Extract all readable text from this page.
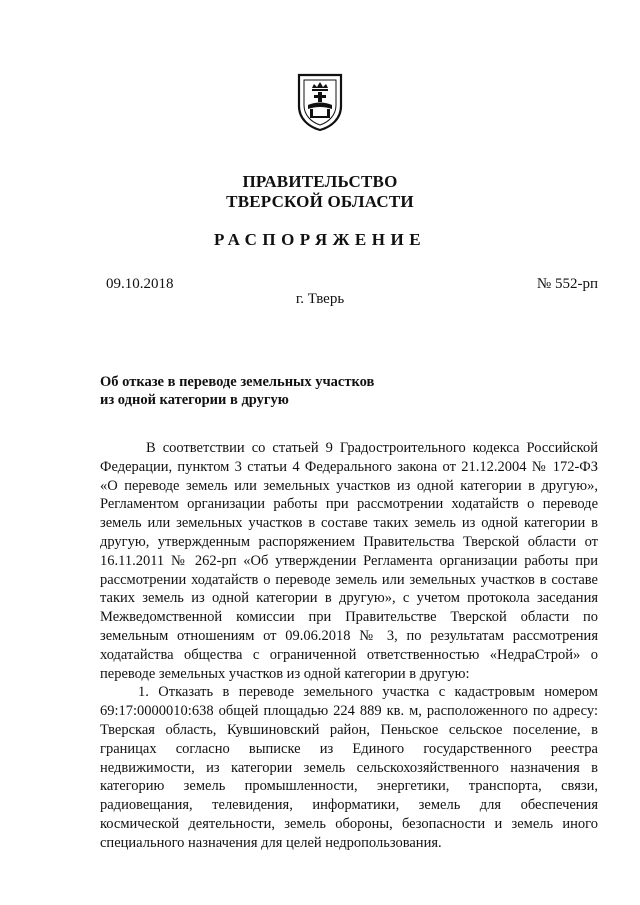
ПРАВИТЕЛЬСТВО
ТВЕРСКОЙ ОБЛАСТИ
РАСПОРЯЖЕНИЕ
09.10.2018	№ 552-рп
г. Тверь
Об отказе в переводе земельных участков
из одной категории в другую

В соответствии со статьей 9 Градостроительного кодекса Российской Федерации, пунктом 3 статьи 4 Федерального закона от 21.12.2004 № 172-ФЗ «О переводе земель или земельных участков из одной категории в другую», Регламентом организации работы при рассмотрении ходатайств о переводе земель или земельных участков в составе таких земель из одной категории в другую, утвержденным распоряжением Правительства Тверской области от 16.11.2011 № 262-рп «Об утверждении Регламента организации работы при рассмотрении ходатайств о переводе земель или земельных участков в составе таких земель из одной категории в другую», с учетом протокола заседания Межведомственной комиссии при Правительстве Тверской области по земельным отношениям от 09.06.2018 № 3, по результатам рассмотрения ходатайства общества с ограниченной ответственностью «НедраСтрой» о переводе земельных участков из одной категории в другую:

1. Отказать в переводе земельного участка с кадастровым номером 69:17:0000010:638 общей площадью 224 889 кв. м, расположенного по адресу: Тверская область, Кувшиновский район, Пеньское сельское поселение, в границах согласно выписке из Единого государственного реестра недвижимости, из категории земель сельскохозяйственного назначения в категорию земель промышленности, энергетики, транспорта, связи, радиовещания, телевидения, информатики, земель для обеспечения космической деятельности, земель обороны, безопасности и земель иного специального назначения для целей недропользования.
